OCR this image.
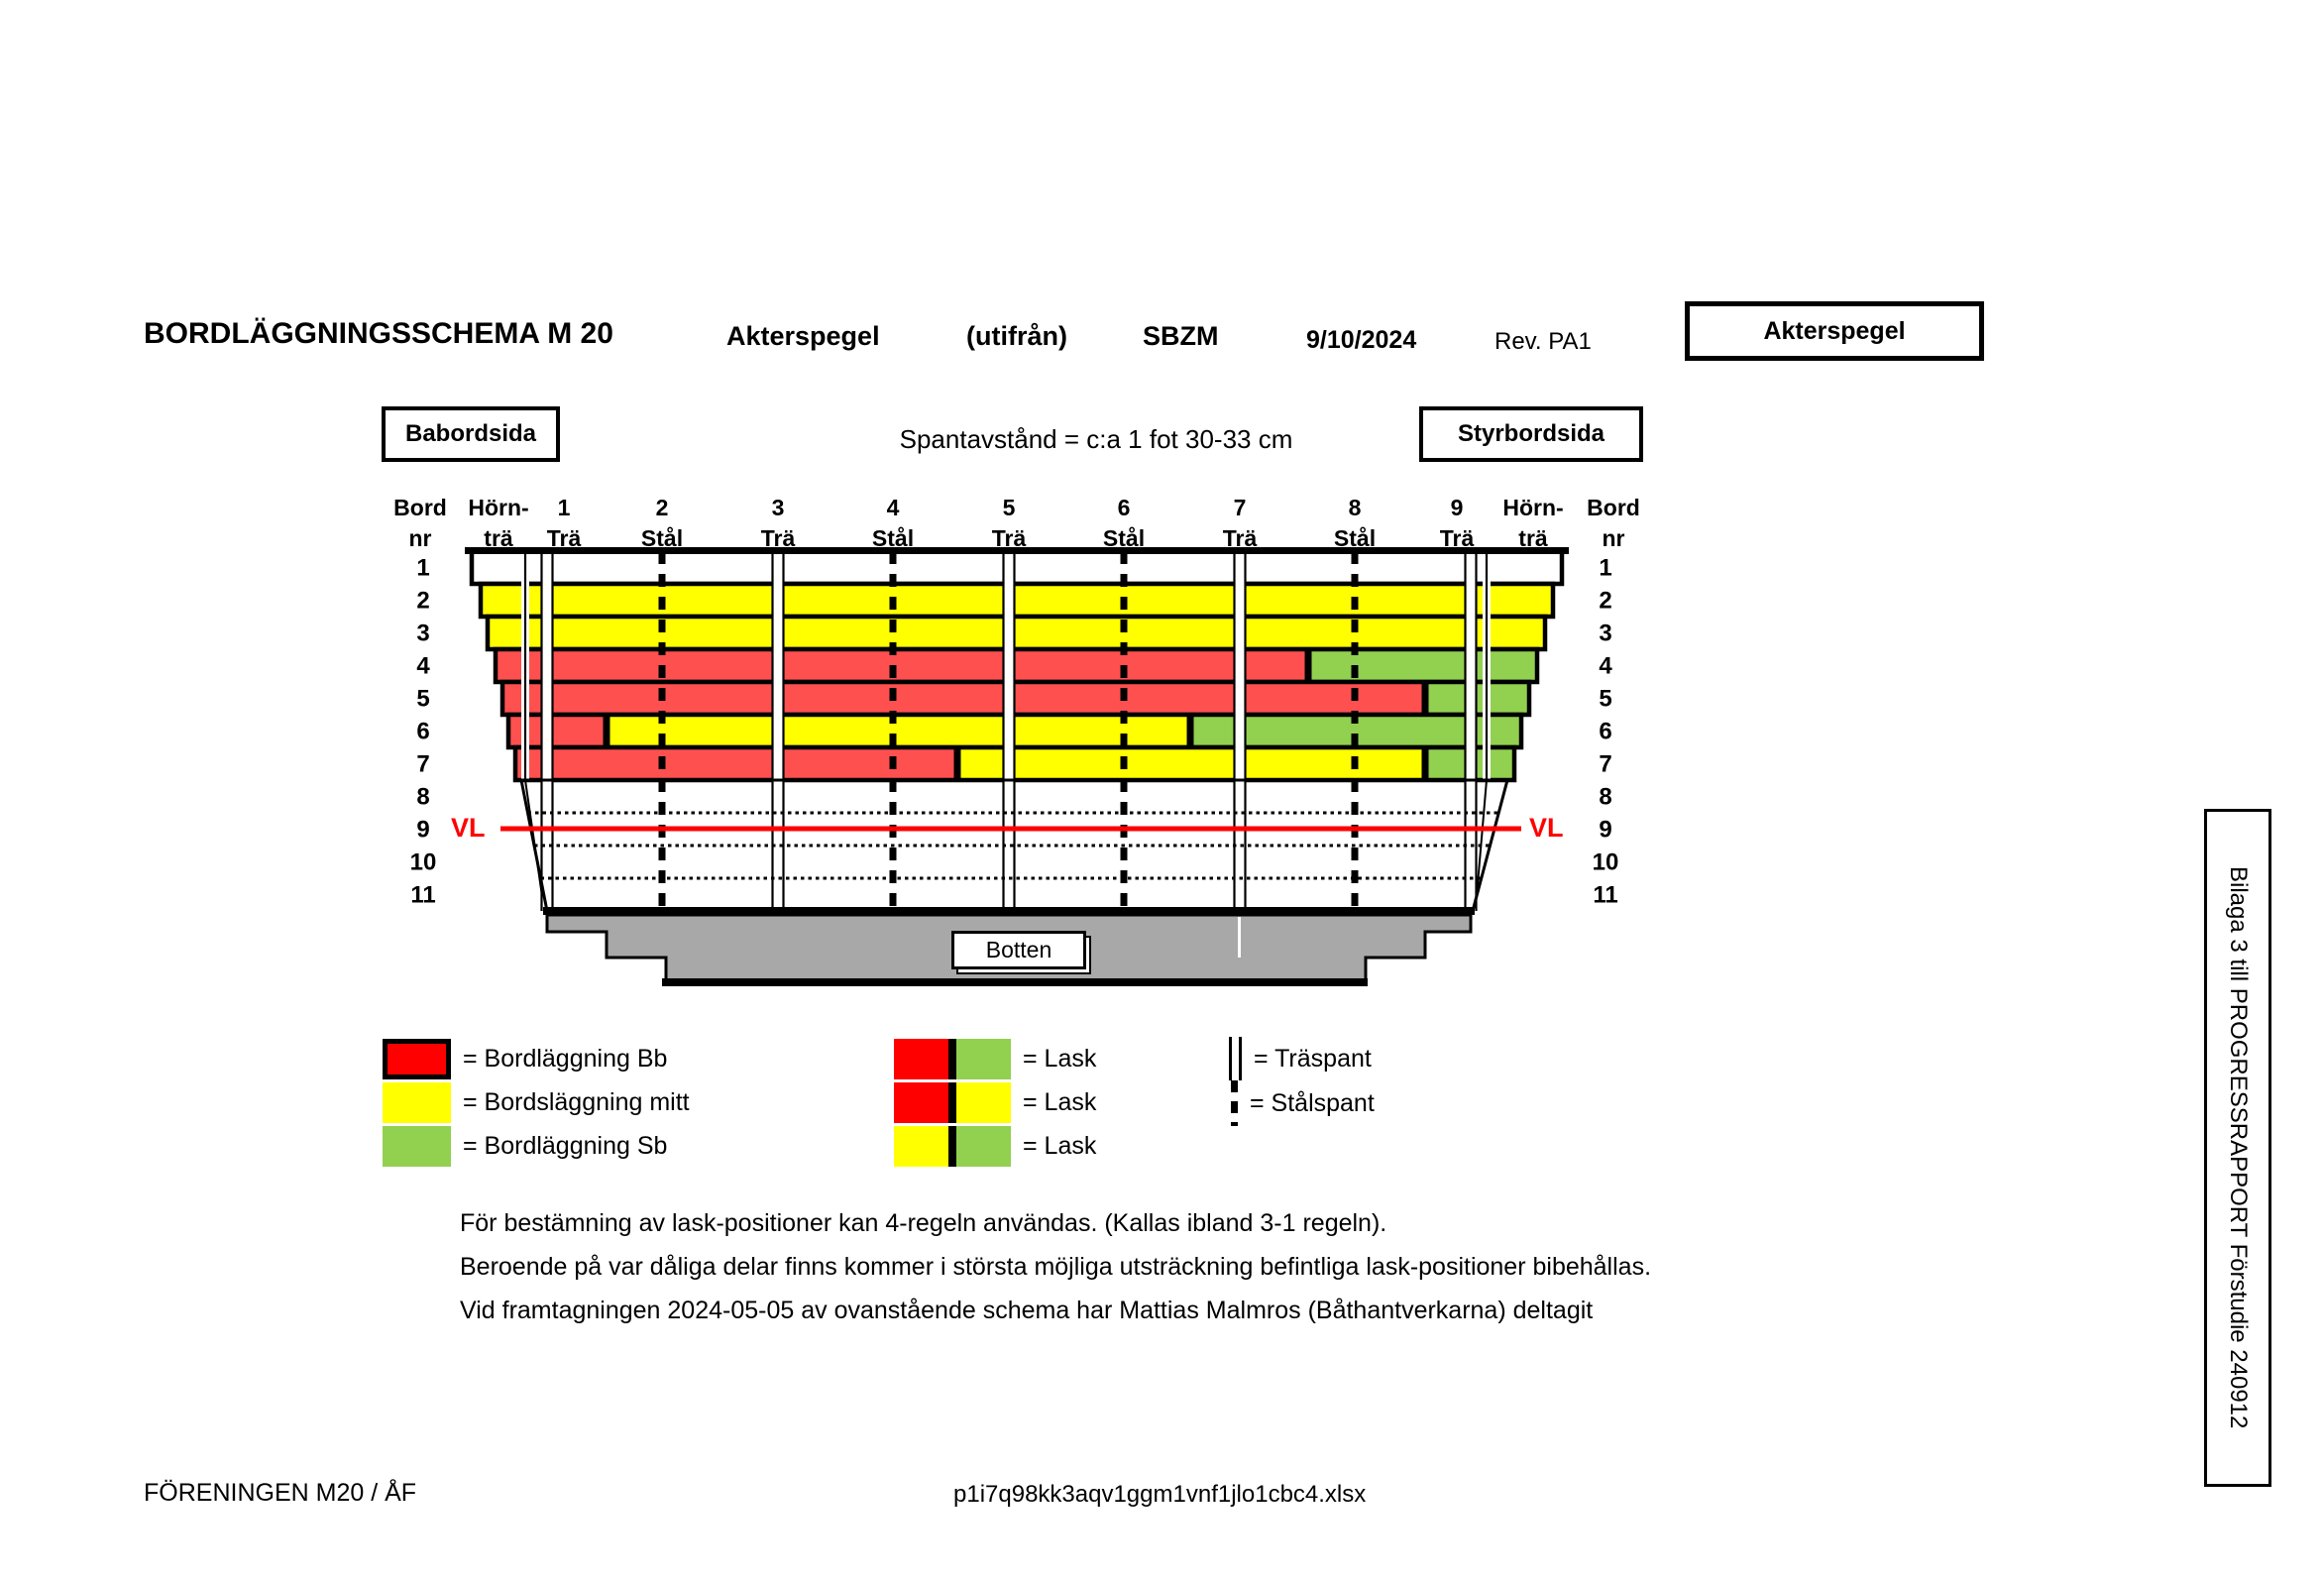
BORDLÄGGNINGSSCHEMA M 20	Akterspegel	(utifrån)	SBZM	9/10/2024	Rev. PA1	Akterspegel
Babordsida	Spantavstånd = c:a 1 fot 30-33 cm	Styrbordsida
Bord
nr
Hörn-
trä
1
Trä
2
Stål
3
Trä
4
Stål
5
Trä
6
Stål
7
Trä
8
Stål
9
Trä
Hörn-
trä
Bord
nr
1	1
2	2
3	3
4	4
5	5
6	6
7	7
8	8
9	9
10	10
11	11
VL	VL
Botten
= Bordläggning Bb
= Bordsläggning mitt
= Bordläggning Sb
= Lask
= Lask
= Lask
= Träspant
= Stålspant
För bestämning av lask-positioner kan 4-regeln användas. (Kallas ibland 3-1 regeln).
Beroende på var dåliga delar finns kommer i största möjliga utsträckning befintliga lask-positioner bibehållas.
Vid framtagningen 2024-05-05 av ovanstående schema har Mattias Malmros (Båthantverkarna) deltagit
FÖRENINGEN M20 / ÅF	p1i7q98kk3aqv1ggm1vnf1jlo1cbc4.xlsx
Bilaga 3 till PROGRESSRAPPORT Förstudie 240912
